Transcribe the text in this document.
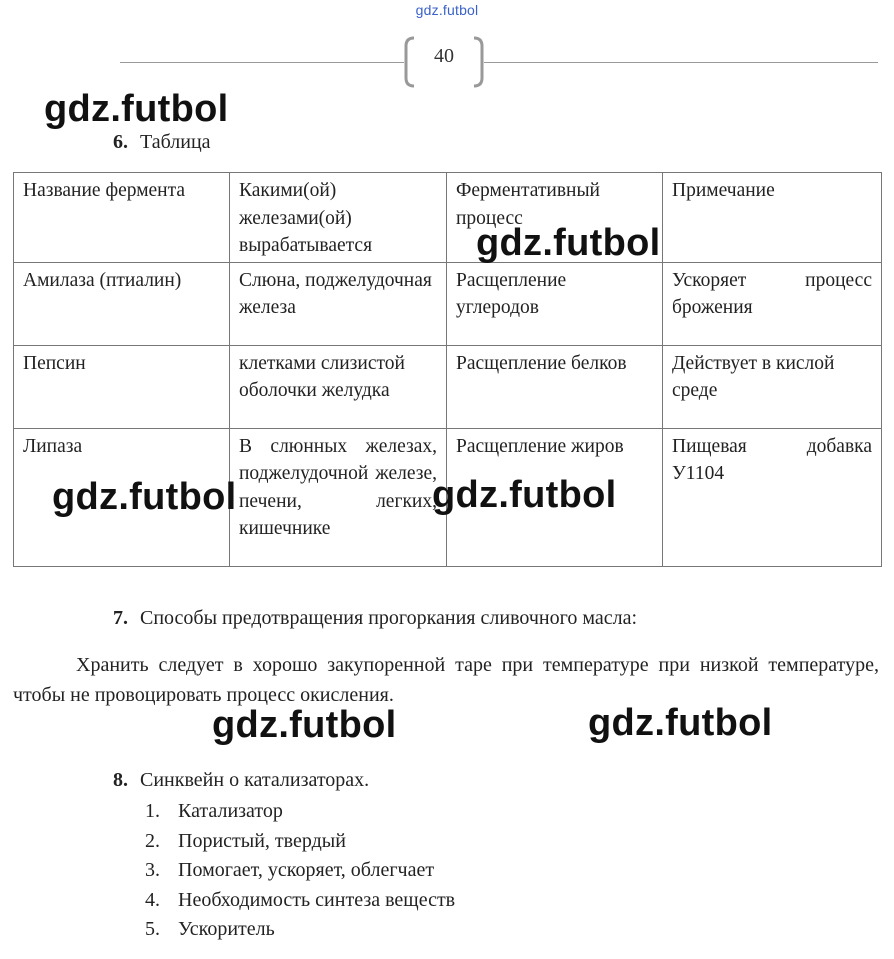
gdz.futbol
40
gdz.futbol
6. Таблица
Название фермента	Какими(ой) железами(ой) вырабатывается	Ферментативный процесс	Примечание
Амилаза (птиалин)	Слюна, поджелудочная железа	Расщепление углеродов	Ускоряет процесс брожения
Пепсин	клетками слизистой оболочки желудка	Расщепление белков	Действует в кислой среде
Липаза	В слюнных железах, поджелудочной железе, печени, легких, кишечнике	Расщепление жиров	Пищевая добавка У1104
gdz.futbol
gdz.futbol	gdz.futbol
7. Способы предотвращения прогоркания сливочного масла:
Хранить следует в хорошо закупоренной таре при температуре при низкой температуре, чтобы не провоцировать процесс окисления.
gdz.futbol	gdz.futbol
8. Синквейн о катализаторах.
1. Катализатор
2. Пористый, твердый
3. Помогает, ускоряет, облегчает
4. Необходимость синтеза веществ
5. Ускоритель
